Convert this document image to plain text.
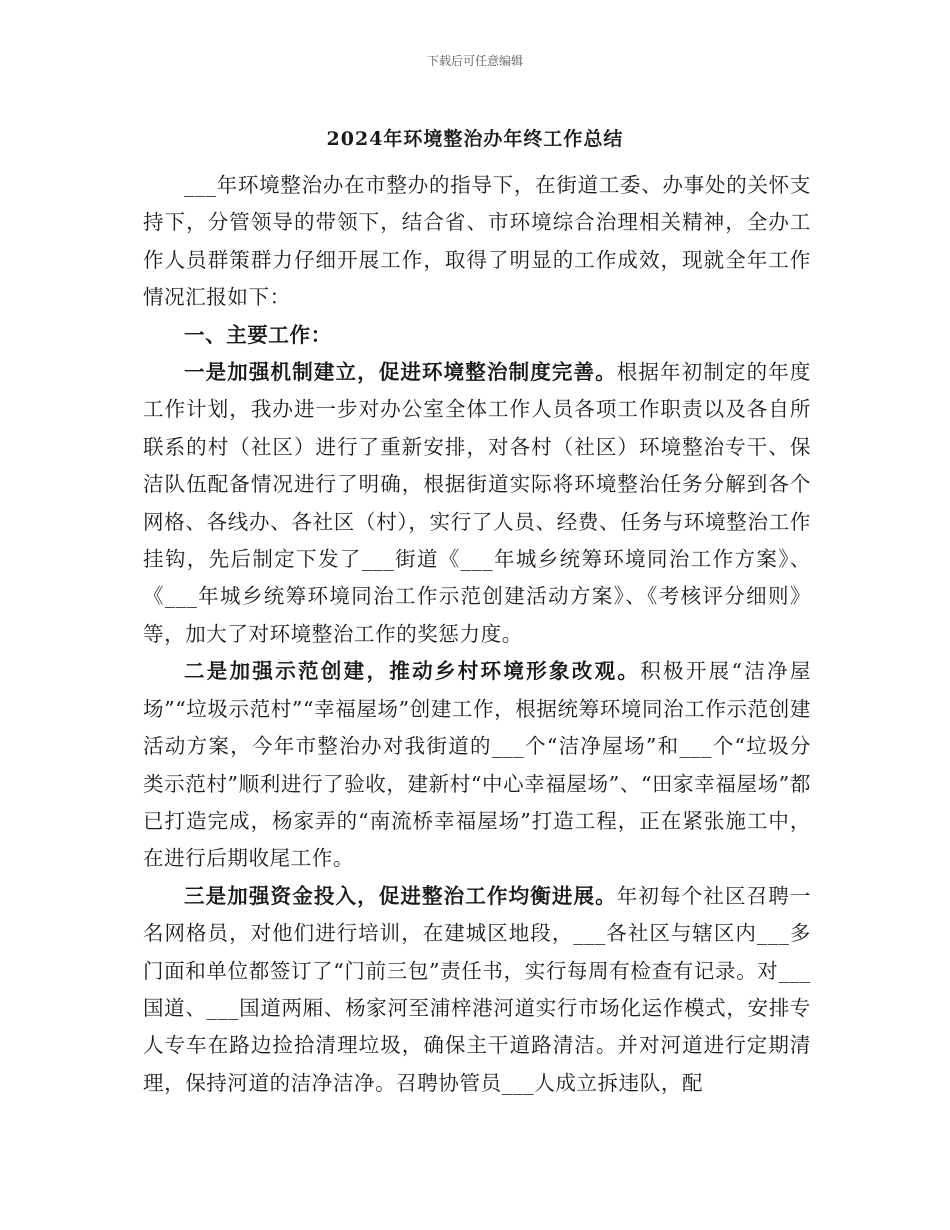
下载后可任意编辑
2024年环境整治办年终工作总结

___年环境整治办在市整办的指导下，在街道工委、办事处的关怀支持下，分管领导的带领下，结合省、市环境综合治理相关精神，全办工作人员群策群力仔细开展工作，取得了明显的工作成效，现就全年工作情况汇报如下：

一、主要工作：

一是加强机制建立，促进环境整治制度完善。根据年初制定的年度工作计划，我办进一步对办公室全体工作人员各项工作职责以及各自所联系的村（社区）进行了重新安排，对各村（社区）环境整治专干、保洁队伍配备情况进行了明确，根据街道实际将环境整治任务分解到各个网格、各线办、各社区（村），实行了人员、经费、任务与环境整治工作挂钩，先后制定下发了___街道《___年城乡统筹环境同治工作方案》、《___年城乡统筹环境同治工作示范创建活动方案》、《考核评分细则》等，加大了对环境整治工作的奖惩力度。

二是加强示范创建，推动乡村环境形象改观。积极开展“洁净屋场”“垃圾示范村”“幸福屋场”创建工作，根据统筹环境同治工作示范创建活动方案，今年市整治办对我街道的___个“洁净屋场”和___个“垃圾分类示范村”顺利进行了验收，建新村“中心幸福屋场”、“田家幸福屋场”都已打造完成，杨家弄的“南流桥幸福屋场”打造工程，正在紧张施工中，在进行后期收尾工作。

三是加强资金投入，促进整治工作均衡进展。年初每个社区召聘一名网格员，对他们进行培训，在建城区地段，___各社区与辖区内___多门面和单位都签订了“门前三包”责任书，实行每周有检查有记录。对___国道、___国道两厢、杨家河至浦梓港河道实行市场化运作模式，安排专人专车在路边捡拾清理垃圾，确保主干道路清洁。并对河道进行定期清理，保持河道的洁净洁净。召聘协管员___人成立拆违队，配
